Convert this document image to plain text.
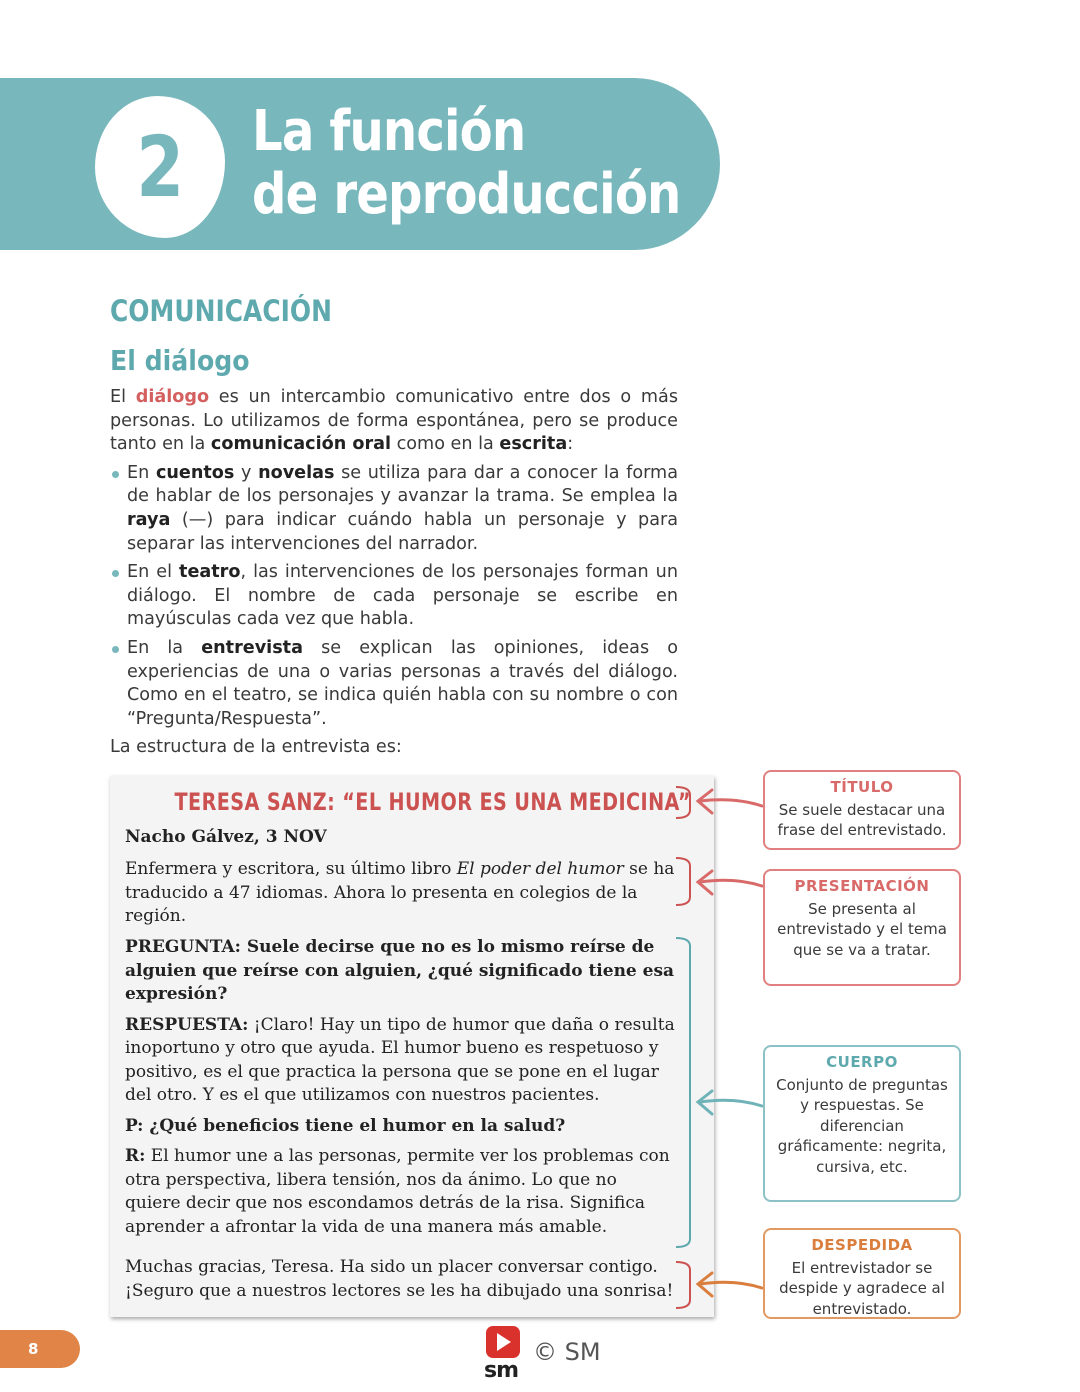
2 La función
de reproducción
COMUNICACIÓN
El diálogo

El diálogo es un intercambio comunicativo entre dos o más personas. Lo utilizamos de forma espontánea, pero se produce tanto en la comunicación oral como en la escrita:

En cuentos y novelas se utiliza para dar a conocer la forma de hablar de los personajes y avanzar la trama. Se emplea la raya (—) para indicar cuándo habla un personaje y para separar las intervenciones del narrador.
En el teatro, las intervenciones de los personajes forman un diálogo. El nombre de cada personaje se escribe en mayúsculas cada vez que habla.
En la entrevista se explican las opiniones, ideas o experiencias de una o varias personas a través del diálogo. Como en el teatro, se indica quién habla con su nombre o con “Pregunta/Respuesta”.

La estructura de la entrevista es:

TERESA SANZ: “EL HUMOR ES UNA MEDICINA”
Nacho Gálvez, 3 NOV
Enfermera y escritora, su último libro El poder del humor se ha traducido a 47 idiomas. Ahora lo presenta en colegios de la región.

PREGUNTA: Suele decirse que no es lo mismo reírse de alguien que reírse con alguien, ¿qué significado tiene esa expresión?

RESPUESTA: ¡Claro! Hay un tipo de humor que daña o resulta inoportuno y otro que ayuda. El humor bueno es respetuoso y positivo, es el que practica la persona que se pone en el lugar del otro. Y es el que utilizamos con nuestros pacientes.

P: ¿Qué beneficios tiene el humor en la salud?

R: El humor une a las personas, permite ver los problemas con otra perspectiva, libera tensión, nos da ánimo. Lo que no quiere decir que nos escondamos detrás de la risa. Significa aprender a afrontar la vida de una manera más amable.

Muchas gracias, Teresa. Ha sido un placer conversar contigo. ¡Seguro que a nuestros lectores se les ha dibujado una sonrisa!
TÍTULO
Se suele destacar una frase del entrevistado.
PRESENTACIÓN
Se presenta al entrevistado y el tema que se va a tratar.
CUERPO
Conjunto de preguntas y respuestas. Se diferencian gráficamente: negrita, cursiva, etc.
DESPEDIDA
El entrevistador se despide y agradece al entrevistado.
8
sm
© SM
